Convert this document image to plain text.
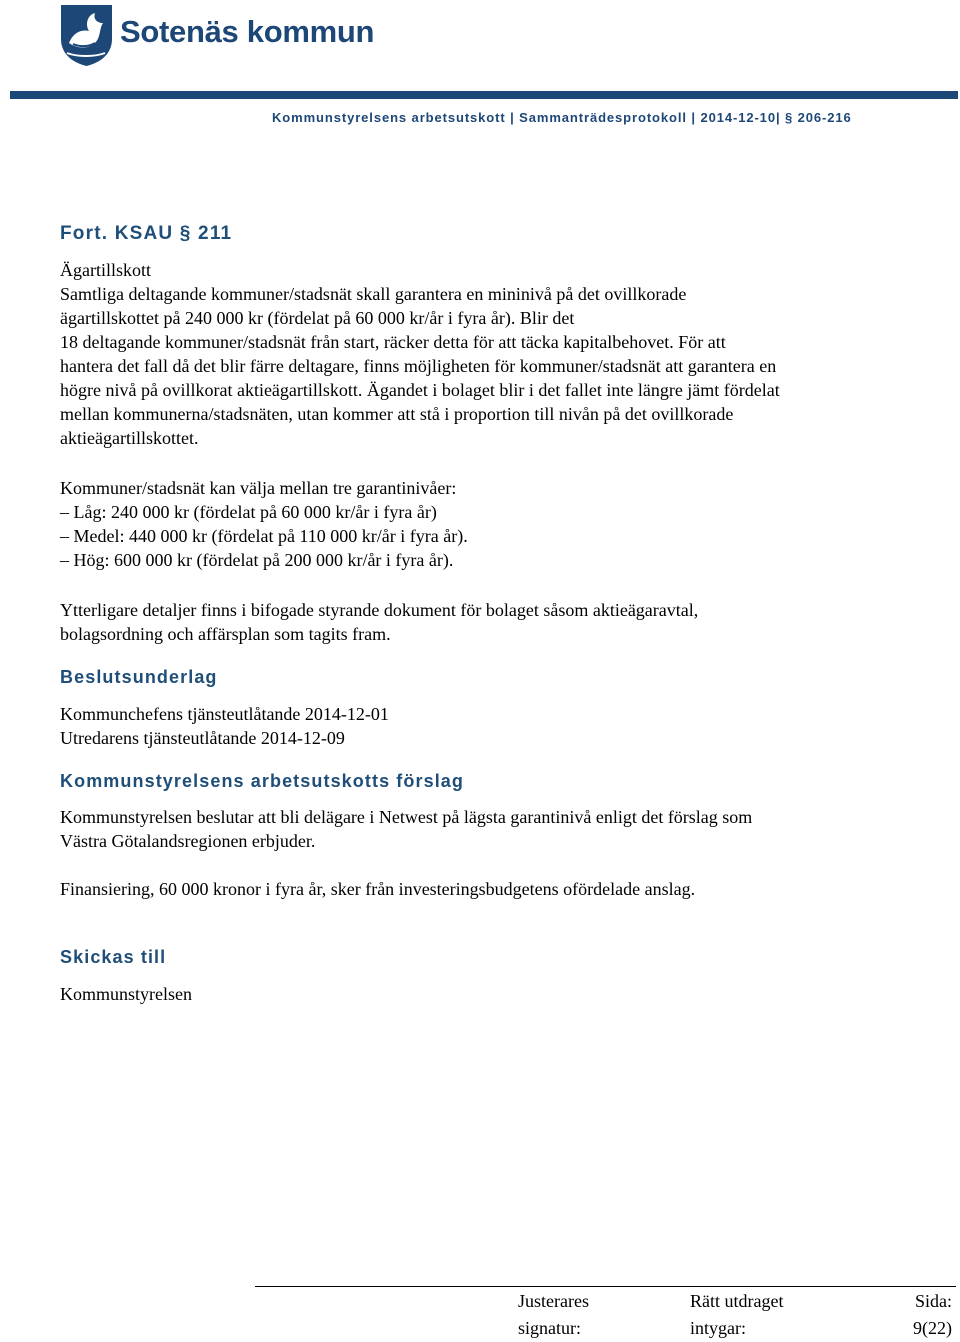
Sotenäs kommun
Kommunstyrelsens arbetsutskott | Sammanträdesprotokoll | 2014-12-10| § 206-216
Fort. KSAU § 211
Ägartillskott
Samtliga deltagande kommuner/stadsnät skall garantera en mininivå på det ovillkorade
ägartillskottet på 240 000 kr (fördelat på 60 000 kr/år i fyra år). Blir det
18 deltagande kommuner/stadsnät från start, räcker detta för att täcka kapitalbehovet. För att
hantera det fall då det blir färre deltagare, finns möjligheten för kommuner/stadsnät att garantera en
högre nivå på ovillkorat aktieägartillskott. Ägandet i bolaget blir i det fallet inte längre jämt fördelat
mellan kommunerna/stadsnäten, utan kommer att stå i proportion till nivån på det ovillkorade
aktieägartillskottet.
Kommuner/stadsnät kan välja mellan tre garantinivåer:
– Låg: 240 000 kr (fördelat på 60 000 kr/år i fyra år)
– Medel: 440 000 kr (fördelat på 110 000 kr/år i fyra år).
– Hög: 600 000 kr (fördelat på 200 000 kr/år i fyra år).
Ytterligare detaljer finns i bifogade styrande dokument för bolaget såsom aktieägaravtal,
bolagsordning och affärsplan som tagits fram.
Beslutsunderlag
Kommunchefens tjänsteutlåtande 2014-12-01
Utredarens tjänsteutlåtande 2014-12-09
Kommunstyrelsens arbetsutskotts förslag
Kommunstyrelsen beslutar att bli delägare i Netwest på lägsta garantinivå enligt det förslag som
Västra Götalandsregionen erbjuder.
Finansiering, 60 000 kronor i fyra år, sker från investeringsbudgetens ofördelade anslag.
Skickas till
Kommunstyrelsen
Justerares
signatur:
Rätt utdraget
intygar:
Sida:
9(22)
